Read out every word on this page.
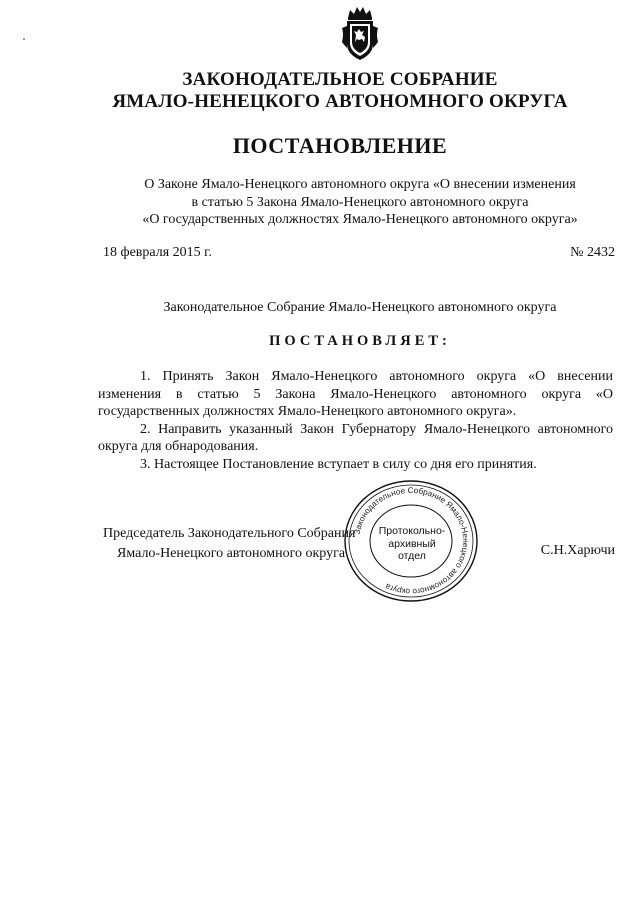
ЗАКОНОДАТЕЛЬНОЕ СОБРАНИЕ
ЯМАЛО-НЕНЕЦКОГО АВТОНОМНОГО ОКРУГА
ПОСТАНОВЛЕНИЕ
О Законе Ямало-Ненецкого автономного округа «О внесении изменения
в статью 5 Закона Ямало-Ненецкого автономного округа
«О государственных должностях Ямало-Ненецкого автономного округа»
18 февраля 2015 г.	№ 2432
Законодательное Собрание Ямало-Ненецкого автономного округа
ПОСТАНОВЛЯЕТ:

1. Принять Закон Ямало-Ненецкого автономного округа «О внесении изменения в статью 5 Закона Ямало-Ненецкого автономного округа «О государственных должностях Ямало-Ненецкого автономного округа».

2. Направить указанный Закон Губернатору Ямало-Ненецкого автономного округа для обнародования.

3. Настоящее Постановление вступает в силу со дня его принятия.

Председатель Законодательного Собрания
Ямало-Ненецкого автономного округа	С.Н.Харючи
Законодательное Собрание Ямало-Ненецкого автономного округа
Протокольно-
архивный
отдел
